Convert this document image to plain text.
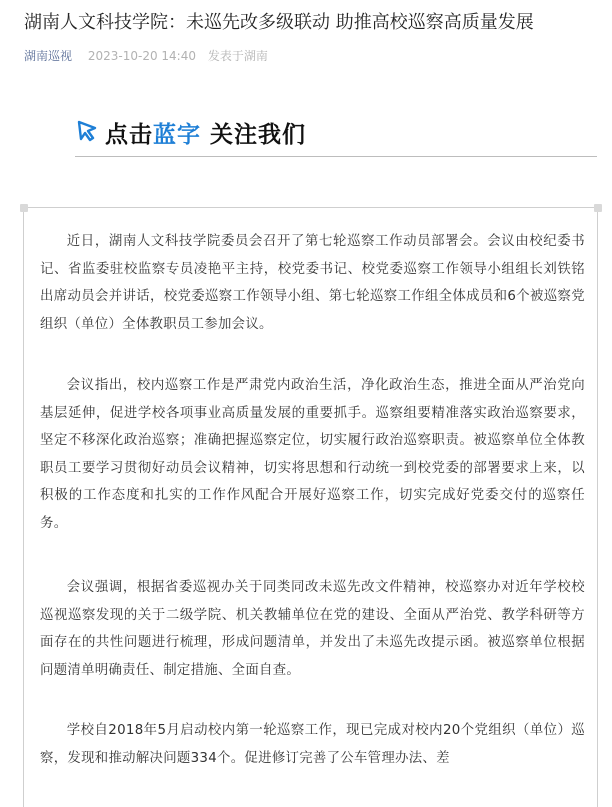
湖南人文科技学院：未巡先改多级联动 助推高校巡察高质量发展
湖南巡视 2023-10-20 14:40 发表于湖南
点击蓝字 关注我们

近日，湖南人文科技学院委员会召开了第七轮巡察工作动员部署会。会议由校纪委书记、省监委驻校监察专员凌艳平主持，校党委书记、校党委巡察工作领导小组组长刘铁铭出席动员会并讲话，校党委巡察工作领导小组、第七轮巡察工作组全体成员和6个被巡察党组织（单位）全体教职员工参加会议。

会议指出，校内巡察工作是严肃党内政治生活，净化政治生态，推进全面从严治党向基层延伸，促进学校各项事业高质量发展的重要抓手。巡察组要精准落实政治巡察要求，坚定不移深化政治巡察；准确把握巡察定位，切实履行政治巡察职责。被巡察单位全体教职员工要学习贯彻好动员会议精神，切实将思想和行动统一到校党委的部署要求上来，以积极的工作态度和扎实的工作作风配合开展好巡察工作，切实完成好党委交付的巡察任务。

会议强调，根据省委巡视办关于同类同改未巡先改文件精神，校巡察办对近年学校校巡视巡察发现的关于二级学院、机关教辅单位在党的建设、全面从严治党、教学科研等方面存在的共性问题进行梳理，形成问题清单，并发出了未巡先改提示函。被巡察单位根据问题清单明确责任、制定措施、全面自查。

学校自2018年5月启动校内第一轮巡察工作，现已完成对校内20个党组织（单位）巡察，发现和推动解决问题334个。促进修订完善了公车管理办法、差
